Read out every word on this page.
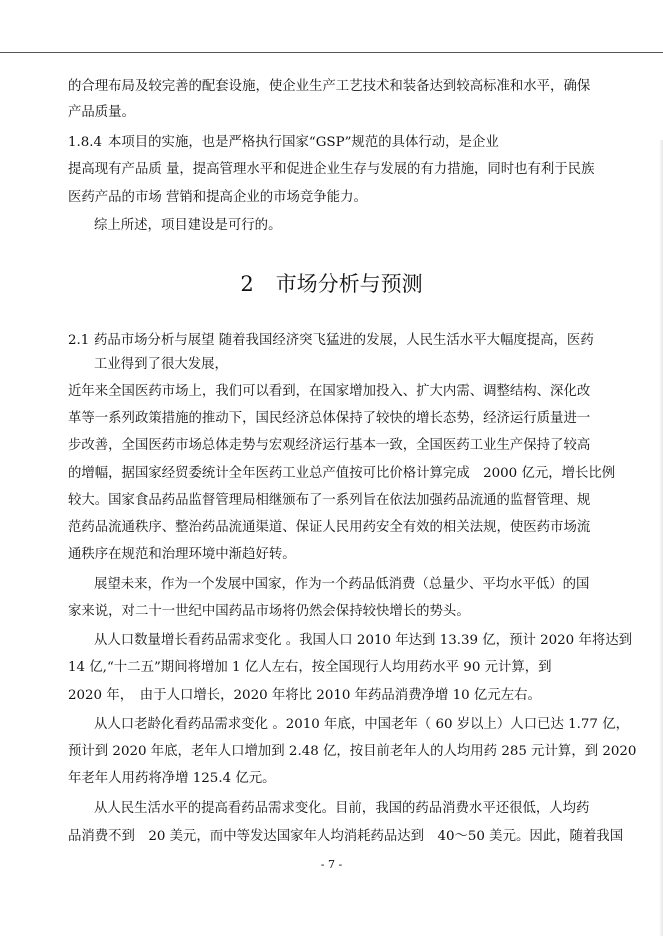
的合理布局及较完善的配套设施，使企业生产工艺技术和装备达到较高标准和水平，确保
产品质量。
1.8.4 本项目的实施，也是严格执行国家“GSP”规范的具体行动，是企业
提高现有产品质 量，提高管理水平和促进企业生存与发展的有力措施，同时也有利于民族
医药产品的市场 营销和提高企业的市场竞争能力。
综上所述，项目建设是可行的。
2 市场分析与预测
2.1 药品市场分析与展望 随着我国经济突飞猛进的发展，人民生活水平大幅度提高，医药
工业得到了很大发展，
近年来全国医药市场上，我们可以看到，在国家增加投入、扩大内需、调整结构、深化改
革等一系列政策措施的推动下，国民经济总体保持了较快的增长态势，经济运行质量进一
步改善，全国医药市场总体走势与宏观经济运行基本一致，全国医药工业生产保持了较高
的增幅，据国家经贸委统计全年医药工业总产值按可比价格计算完成　2000 亿元，增长比例
较大。国家食品药品监督管理局相继颁布了一系列旨在依法加强药品流通的监督管理、规
范药品流通秩序、整治药品流通渠道、保证人民用药安全有效的相关法规，使医药市场流
通秩序在规范和治理环境中渐趋好转。
展望未来，作为一个发展中国家，作为一个药品低消费（总量少、平均水平低）的国
家来说，对二十一世纪中国药品市场将仍然会保持较快增长的势头。
从人口数量增长看药品需求变化 。我国人口 2010 年达到 13.39 亿，预计 2020 年将达到
14 亿,“十二五”期间将增加 1 亿人左右，按全国现行人均用药水平 90 元计算，到
2020 年，　由于人口增长，2020 年将比 2010 年药品消费净增 10 亿元左右。
从人口老龄化看药品需求变化 。2010 年底，中国老年（ 60 岁以上）人口已达 1.77 亿，
预计到 2020 年底，老年人口增加到 2.48 亿，按目前老年人的人均用药 285 元计算，到 2020
年老年人用药将净增 125.4 亿元。
从人民生活水平的提高看药品需求变化。目前，我国的药品消费水平还很低，人均药
品消费不到　20 美元，而中等发达国家年人均消耗药品达到　40～50 美元。因此，随着我国
- 7 -
